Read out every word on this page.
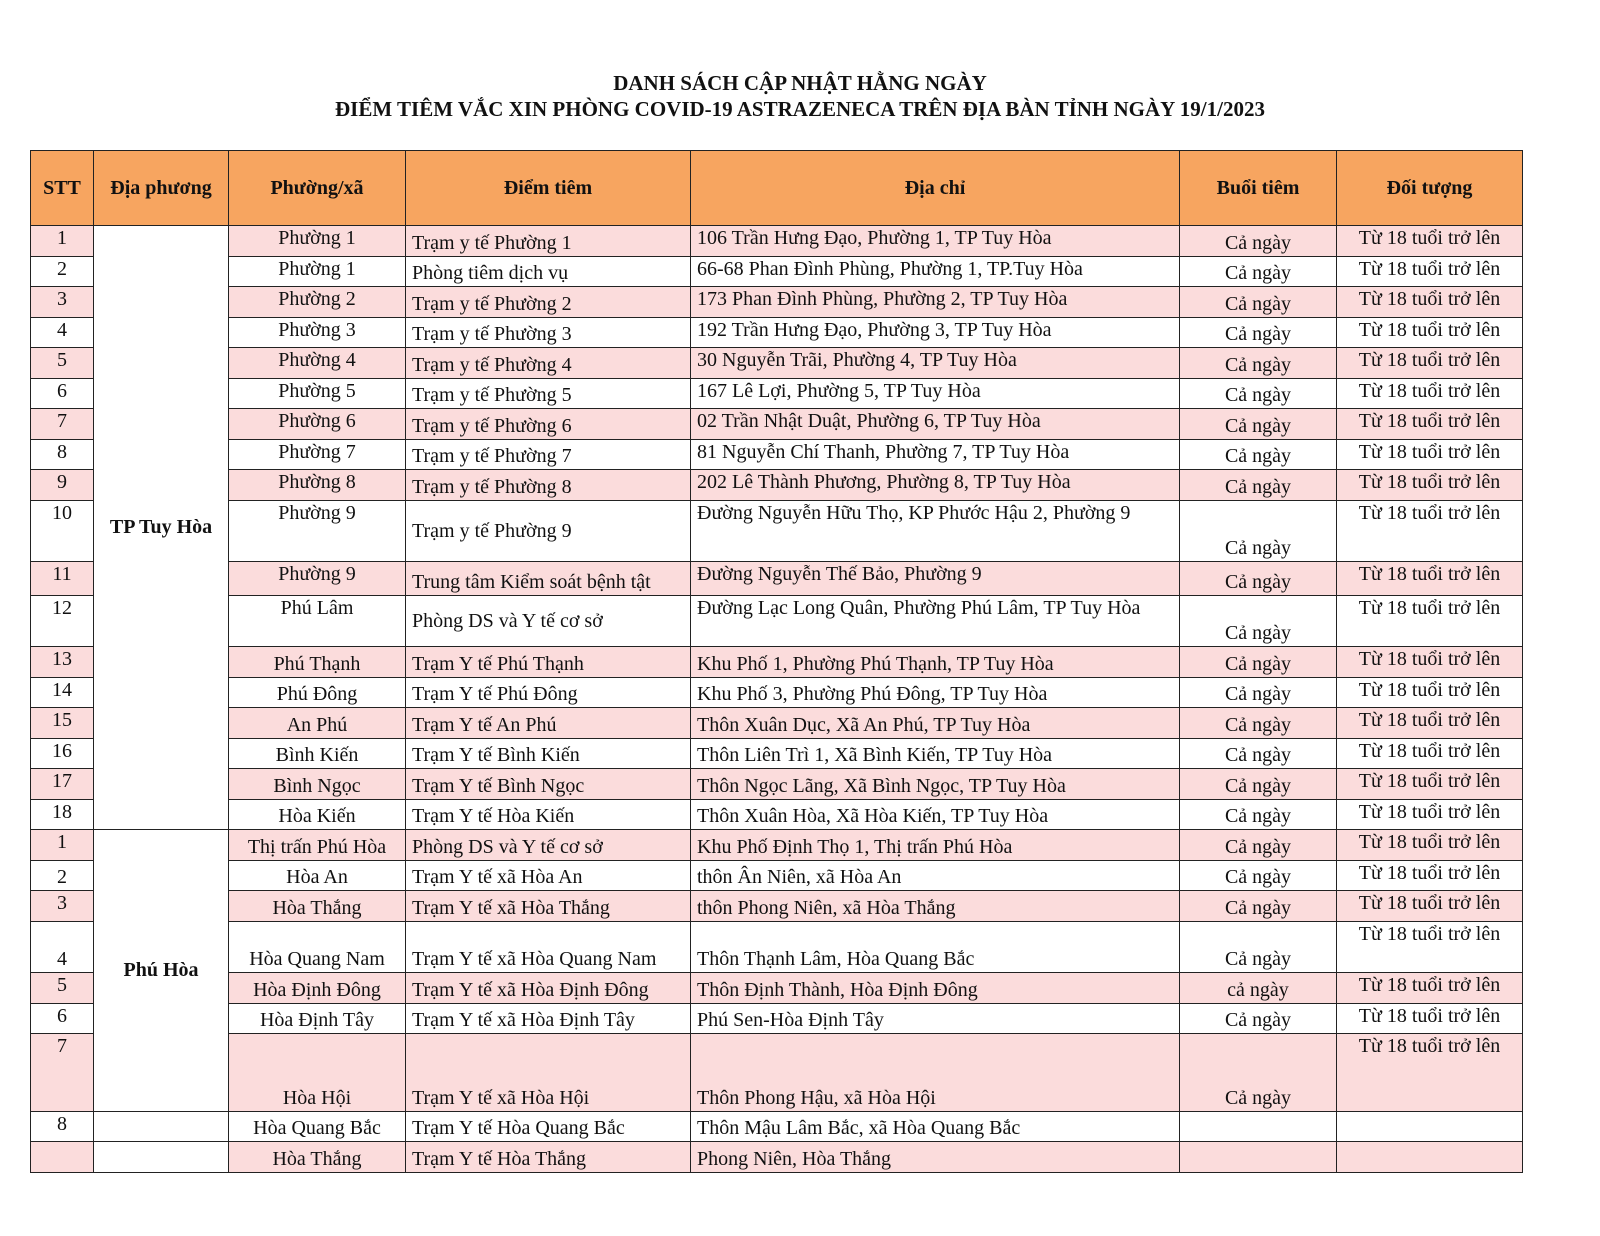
DANH SÁCH CẬP NHẬT HẰNG NGÀY
ĐIỂM TIÊM VẮC XIN PHÒNG COVID-19 ASTRAZENECA TRÊN ĐỊA BÀN TỈNH NGÀY 19/1/2023
STT	Địa phương	Phường/xã	Điểm tiêm	Địa chỉ	Buổi tiêm	Đối tượng
1	TP Tuy Hòa	Phường 1	Trạm y tế Phường 1	106 Trần Hưng Đạo, Phường 1, TP Tuy Hòa	Cả ngày	Từ 18 tuổi trở lên
2		Phường 1	Phòng tiêm dịch vụ	66-68 Phan Đình Phùng, Phường 1, TP.Tuy Hòa	Cả ngày	Từ 18 tuổi trở lên
3		Phường 2	Trạm y tế Phường 2	173 Phan Đình Phùng, Phường 2, TP Tuy Hòa	Cả ngày	Từ 18 tuổi trở lên
4		Phường 3	Trạm y tế Phường 3	192 Trần Hưng Đạo, Phường 3, TP Tuy Hòa	Cả ngày	Từ 18 tuổi trở lên
5		Phường 4	Trạm y tế Phường 4	30 Nguyễn Trãi, Phường 4, TP Tuy Hòa	Cả ngày	Từ 18 tuổi trở lên
6		Phường 5	Trạm y tế Phường 5	167 Lê Lợi, Phường 5, TP Tuy Hòa	Cả ngày	Từ 18 tuổi trở lên
7		Phường 6	Trạm y tế Phường 6	02 Trần Nhật Duật, Phường 6, TP Tuy Hòa	Cả ngày	Từ 18 tuổi trở lên
8		Phường 7	Trạm y tế Phường 7	81 Nguyễn Chí Thanh, Phường 7, TP Tuy Hòa	Cả ngày	Từ 18 tuổi trở lên
9		Phường 8	Trạm y tế Phường 8	202 Lê Thành Phương, Phường 8, TP Tuy Hòa	Cả ngày	Từ 18 tuổi trở lên
10		Phường 9	Trạm y tế Phường 9	Đường Nguyễn Hữu Thọ, KP Phước Hậu 2, Phường 9	Cả ngày	Từ 18 tuổi trở lên
11		Phường 9	Trung tâm Kiểm soát bệnh tật	Đường Nguyễn Thế Bảo, Phường 9	Cả ngày	Từ 18 tuổi trở lên
12		Phú Lâm	Phòng DS và Y tế cơ sở	Đường Lạc Long Quân, Phường Phú Lâm, TP Tuy Hòa	Cả ngày	Từ 18 tuổi trở lên
13		Phú Thạnh	Trạm Y tế Phú Thạnh	Khu Phố 1, Phường Phú Thạnh, TP Tuy Hòa	Cả ngày	Từ 18 tuổi trở lên
14		Phú Đông	Trạm Y tế Phú Đông	Khu Phố 3, Phường Phú Đông, TP Tuy Hòa	Cả ngày	Từ 18 tuổi trở lên
15		An Phú	Trạm Y tế An Phú	Thôn Xuân Dục, Xã An Phú, TP Tuy Hòa	Cả ngày	Từ 18 tuổi trở lên
16		Bình Kiến	Trạm Y tế Bình Kiến	Thôn Liên Trì 1, Xã Bình Kiến, TP Tuy Hòa	Cả ngày	Từ 18 tuổi trở lên
17		Bình Ngọc	Trạm Y tế Bình Ngọc	Thôn Ngọc Lãng, Xã Bình Ngọc, TP Tuy Hòa	Cả ngày	Từ 18 tuổi trở lên
18		Hòa Kiến	Trạm Y tế Hòa Kiến	Thôn Xuân Hòa, Xã Hòa Kiến, TP Tuy Hòa	Cả ngày	Từ 18 tuổi trở lên
1	Phú Hòa	Thị trấn Phú Hòa	Phòng DS và Y tế cơ sở	Khu Phố Định Thọ 1, Thị trấn Phú Hòa	Cả ngày	Từ 18 tuổi trở lên
2		Hòa An	Trạm Y tế xã Hòa An	thôn Ân Niên, xã Hòa An	Cả ngày	Từ 18 tuổi trở lên
3		Hòa Thắng	Trạm Y tế xã Hòa Thắng	thôn Phong Niên, xã Hòa Thắng	Cả ngày	Từ 18 tuổi trở lên
4		Hòa Quang Nam	Trạm Y tế xã Hòa Quang Nam	Thôn Thạnh Lâm, Hòa Quang Bắc	Cả ngày	Từ 18 tuổi trở lên
5		Hòa Định Đông	Trạm Y tế xã Hòa Định Đông	Thôn Định Thành, Hòa Định Đông	cả ngày	Từ 18 tuổi trở lên
6		Hòa Định Tây	Trạm Y tế xã Hòa Định Tây	Phú Sen-Hòa Định Tây	Cả ngày	Từ 18 tuổi trở lên
7		Hòa Hội	Trạm Y tế xã Hòa Hội	Thôn Phong Hậu, xã Hòa Hội	Cả ngày	Từ 18 tuổi trở lên
8		Hòa Quang Bắc	Trạm Y tế Hòa Quang Bắc	Thôn Mậu Lâm Bắc, xã Hòa Quang Bắc		
		Hòa Thắng	Trạm Y tế Hòa Thắng	Phong Niên, Hòa Thắng		
